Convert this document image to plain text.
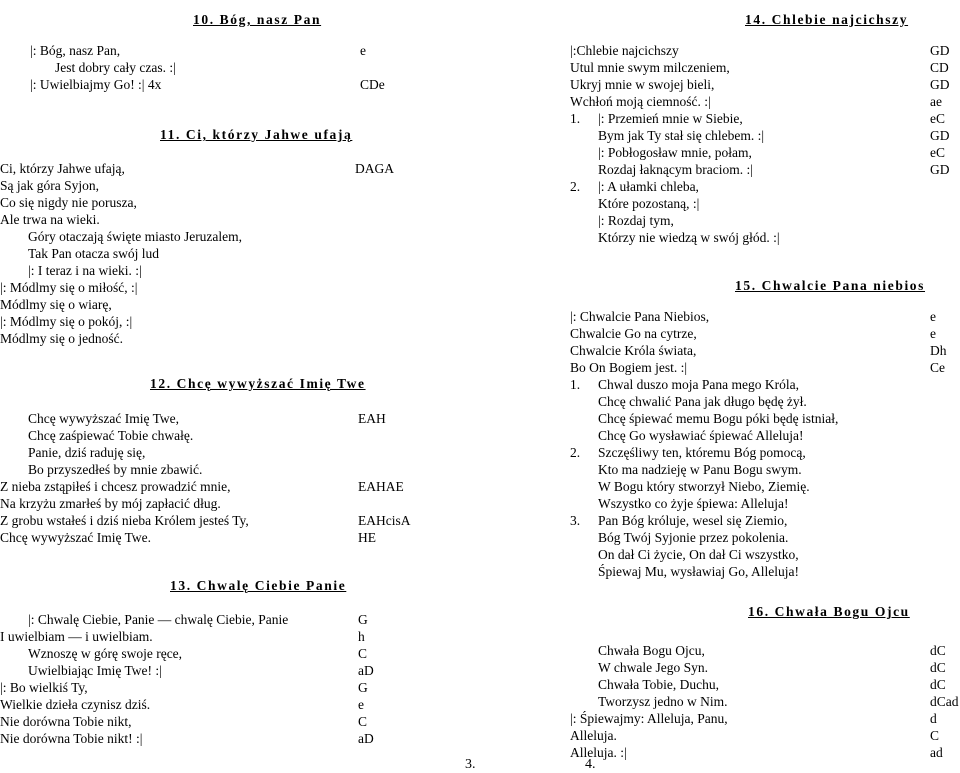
10. Bóg, nasz Pan
|: Bóg, nasz Pan,	e
Jest dobry cały czas. :|
|: Uwielbiajmy Go! :| 4x	CDe
11. Ci, którzy Jahwe ufają
Ci, którzy Jahwe ufają,	DAGA
Są jak góra Syjon,
Co się nigdy nie porusza,
Ale trwa na wieki.
Góry otaczają święte miasto Jeruzalem,
Tak Pan otacza swój lud
|: I teraz i na wieki. :|
|: Módlmy się o miłość, :|
Módlmy się o wiarę,
|: Módlmy się o pokój, :|
Módlmy się o jedność.
12. Chcę wywyższać Imię Twe
Chcę wywyższać Imię Twe,	EAH
Chcę zaśpiewać Tobie chwałę.
Panie, dziś raduję się,
Bo przyszedłeś by mnie zbawić.
Z nieba zstąpiłeś i chcesz prowadzić mnie,	EAHAE
Na krzyżu zmarłeś by mój zapłacić dług.
Z grobu wstałeś i dziś nieba Królem jesteś Ty,	EAHcisA
Chcę wywyższać Imię Twe.	HE
13. Chwalę Ciebie Panie
|: Chwalę Ciebie, Panie — chwalę Ciebie, Panie	G
I uwielbiam — i uwielbiam.	h
Wznoszę w górę swoje ręce,	C
Uwielbiając Imię Twe! :|	aD
|: Bo wielkiś Ty,	G
Wielkie dzieła czynisz dziś.	e
Nie dorówna Tobie nikt,	C
Nie dorówna Tobie nikt! :|	aD
14. Chlebie najcichszy
|:Chlebie najcichszy	GD
Utul mnie swym milczeniem,	CD
Ukryj mnie w swojej bieli,	GD
Wchłoń moją ciemność. :|	ae
1. |: Przemień mnie w Siebie,	eC
Bym jak Ty stał się chlebem. :|	GD
|: Pobłogosław mnie, połam,	eC
Rozdaj łaknącym braciom. :|	GD
2. |: A ułamki chleba,
Które pozostaną, :|
|: Rozdaj tym,
Którzy nie wiedzą w swój głód. :|
15. Chwalcie Pana niebios
|: Chwalcie Pana Niebios,	e
Chwalcie Go na cytrze,	e
Chwalcie Króla świata,	Dh
Bo On Bogiem jest. :|	Ce
1. Chwal duszo moja Pana mego Króla,
Chcę chwalić Pana jak długo będę żył.
Chcę śpiewać memu Bogu póki będę istniał,
Chcę Go wysławiać śpiewać Alleluja!
2. Szczęśliwy ten, któremu Bóg pomocą,
Kto ma nadzieję w Panu Bogu swym.
W Bogu który stworzył Niebo, Ziemię.
Wszystko co żyje śpiewa: Alleluja!
3. Pan Bóg króluje, wesel się Ziemio,
Bóg Twój Syjonie przez pokolenia.
On dał Ci życie, On dał Ci wszystko,
Śpiewaj Mu, wysławiaj Go, Alleluja!
16. Chwała Bogu Ojcu
Chwała Bogu Ojcu,	dC
W chwale Jego Syn.	dC
Chwała Tobie, Duchu,	dC
Tworzysz jedno w Nim.	dCad
|: Śpiewajmy: Alleluja, Panu,	d
Alleluja.	C
Alleluja. :|	ad
3.	4.
